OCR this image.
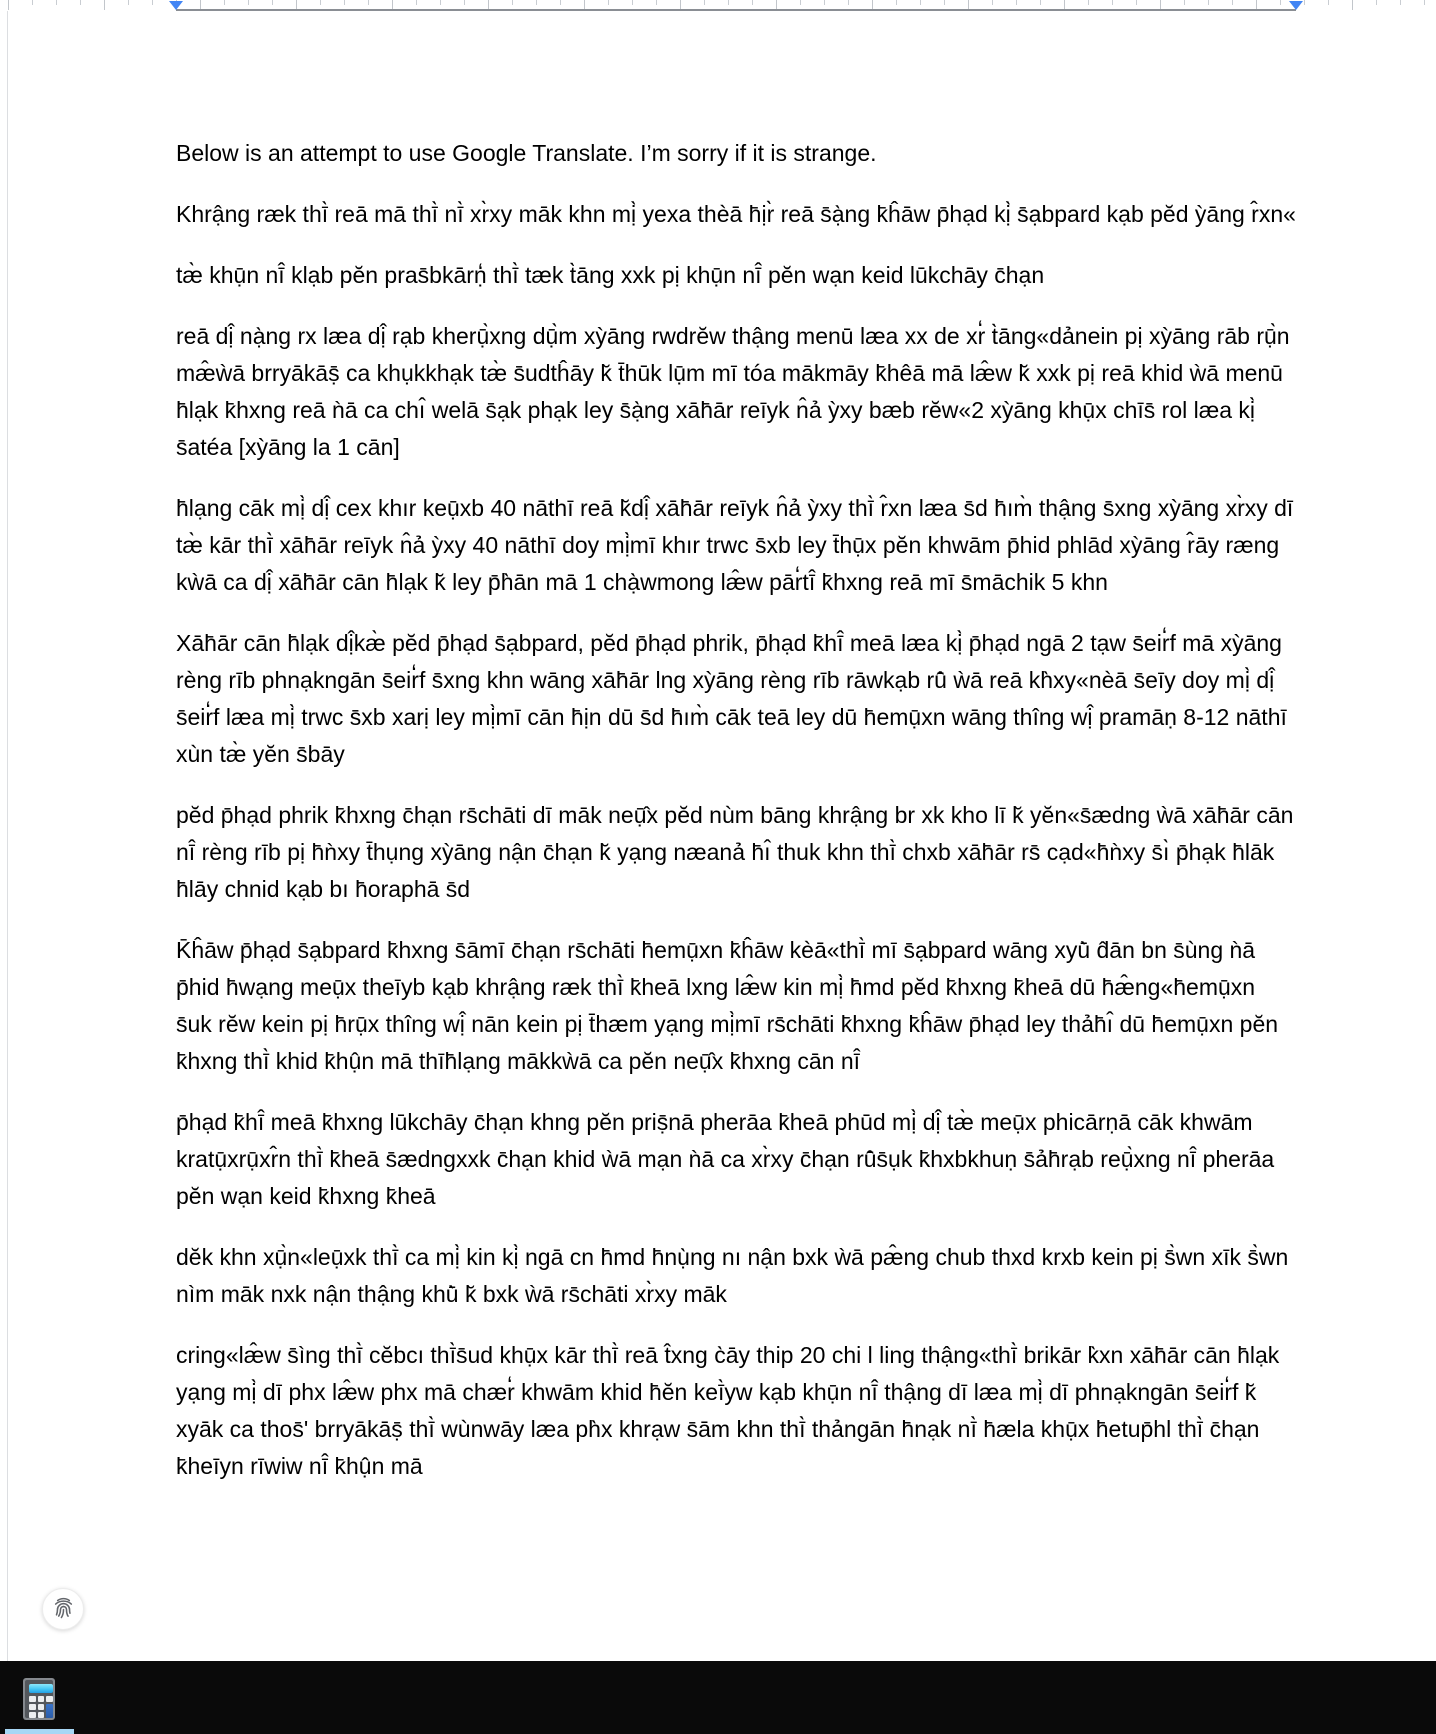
Below is an attempt to use Google Translate. I’m sorry if it is strange.

Khrậng ræk thī̀ reā mā thī̀ nī̀ xr̀xy māk khn mị̀ yexa thèā h̄ịr̀ reā s̄ạ̀ng k̄ĥāw p̄hạd kị̀ s̄ạbpard kạb pĕd ỳāng r̂xn«

tæ̀ khụ̄n nī̂ klạb pĕn pras̄bkārṇ̒ thī̀ tæk t̀āng xxk pị khụ̄n nī̂ pĕn wạn keid lūkchāy c̄hạn

reā dị̂ nạ̀ng rx læa dị̂ rạb kherụ̄̀xng dụ̄̀m xỳāng rwdrĕw thậng menū læa xx de xr̒ t̀āng«dảnein pị xỳāng rāb rụ̄̀n mæ̂ẁā brryākāṣ̄ ca khụkkhạk tæ̀ s̄udtĥāy k̆ t̄hūk lụ̄m mī tóa mākmāy k̄hêā mā læ̂w k̆ xxk pị reā khid ẁā menū h̄lạk k̄hxng reā ǹā ca chı̂ welā s̄ạk phạk ley s̄ạ̀ng xāh̄ār reīyk n̂ả ỳxy bæb rĕw«2 xỳāng khụ̄x chīs̄ rol læa kị̀ s̄atéa [xỳāng la 1 cān]

h̄lạng cāk mị̀ dị̂ cex khır keụ̄xb 40 nāthī reā k̆dị̂ xāh̄ār reīyk n̂ả ỳxy thī̀ r̂xn læa s̄d h̄ım̀ thậng s̄xng xỳāng xr̀xy dī tæ̀ kār thī̀ xāh̄ār reīyk n̂ả ỳxy 40 nāthī doy mị̀mī khır trwc s̄xb ley t̄hụ̄x pĕn khwām p̄hid phlād xỳāng r̂āy ræng kẁā ca dị̂ xāh̄ār cān h̄lạk k̆ ley p̄h̀ān mā 1 chạ̀wmong læ̂w pār̒tī̂ k̄hxng reā mī s̄māchik 5 khn

Xāh̄ār cān h̄lạk dị̂kæ̀ pĕd p̄hạd s̄ạbpard, pĕd p̄hạd phrik, p̄hạd k̄hī̂ meā læa kị̀ p̄hạd ngā 2 tạw s̄eir̒f mā xỳāng rèng rīb phnạkngān s̄eir̒f s̄xng khn wāng xāh̄ār lng xỳāng rèng rīb rāwkạb rū̂ ẁā reā kh̀xy«nèā s̄eīy doy mị̀ dị̂ s̄eir̒f læa mị̀ trwc s̄xb xarị ley mị̀mī cān h̄ịn dū s̄d h̄ım̀ cāk teā ley dū h̄emụ̄xn wāng thîng wị̂ pramāṇ 8-12 nāthī xùn tæ̀ yĕn s̄bāy

pĕd p̄hạd phrik k̄hxng c̄hạn rs̄chāti dī māk neụ̄̂x pĕd nùm bāng khrậng br xk kho lī k̆ yĕn«s̄ædng ẁā xāh̄ār cān nī̂ rèng rīb pị h̄ǹxy t̄hụng xỳāng nận c̄hạn k̆ yạng næanả h̄ı̂ thuk khn thī̀ chxb xāh̄ār rs̄ cạd«h̄ǹxy s̄ı̀ p̄hạk h̄lāk h̄lāy chnid kạb bı h̄oraphā s̄d

K̄ĥāw p̄hạd s̄ạbpard k̄hxng s̄āmī c̄hạn rs̄chāti h̄emụ̄xn k̄ĥāw kèā«thī̀ mī s̄ạbpard wāng xyū̀ d̂ān bn s̄ùng ǹā p̄hid h̄wạng meụ̄x theīyb kạb khrậng ræk thī̀ k̄heā lxng læ̂w kin mị̀ h̄md pĕd k̄hxng k̄heā dū h̄æ̂ng«h̄emụ̄xn s̄uk rĕw kein pị h̄rụ̄x thîng wị̂ nān kein pị t̄hæm yạng mị̀mī rs̄chāti k̄hxng k̄ĥāw p̄hạd ley thảh̄ı̂ dū h̄emụ̄xn pĕn k̄hxng thī̀ khid k̄hụ̂n mā thīh̄lạng mākkẁā ca pĕn neụ̄̂x k̄hxng cān nī̂

p̄hạd k̄hī̂ meā k̄hxng lūkchāy c̄hạn khng pĕn priṣ̄nā pherāa k̄heā phūd mị̀ dị̂ tæ̀ meụ̄x phicārṇā cāk khwām kratụ̄xrụ̄xr̂n thī̀ k̄heā s̄ædngxxk c̄hạn khid ẁā mạn ǹā ca xr̀xy c̄hạn rū̂s̄ụk k̄hxbkhuṇ s̄ảh̄rạb reụ̄̀xng nī̂ pherāa pĕn wạn keid k̄hxng k̄heā

dĕk khn xụ̄̀n«leụ̄xk thī̀ ca mị̀ kin kị̀ ngā cn h̄md h̄nụ̀ng nı nận bxk ẁā pæ̂ng chub thxd krxb kein pị s̄̀wn xīk s̄̀wn nìm māk nxk nận thậng khū̀ k̆ bxk ẁā rs̄chāti xr̀xy māk

cring«læ̂w s̄ìng thī̀ cĕbcı thī̀s̄ud khụ̄x kār thī̀ reā t̂xng c̀āy thip 20 chi l ling thậng«thī̀ brikār k̀xn xāh̄ār cān h̄lạk yạng mị̀ dī phx læ̂w phx mā chær̒ khwām khid h̄ĕn keī̀yw kạb khụ̄n nī̂ thậng dī læa mị̀ dī phnạkngān s̄eir̒f k̆ xyāk ca thos̄' brryākāṣ̄ thī̀ wùnwāy læa ph̀x khrạw s̄ām khn thī̀ thảngān h̄nạk nī̀ h̄æla khụ̄x h̄etup̄hl thī̀ c̄hạn k̄heīyn rīwiw nī̂ k̄hụ̂n mā
